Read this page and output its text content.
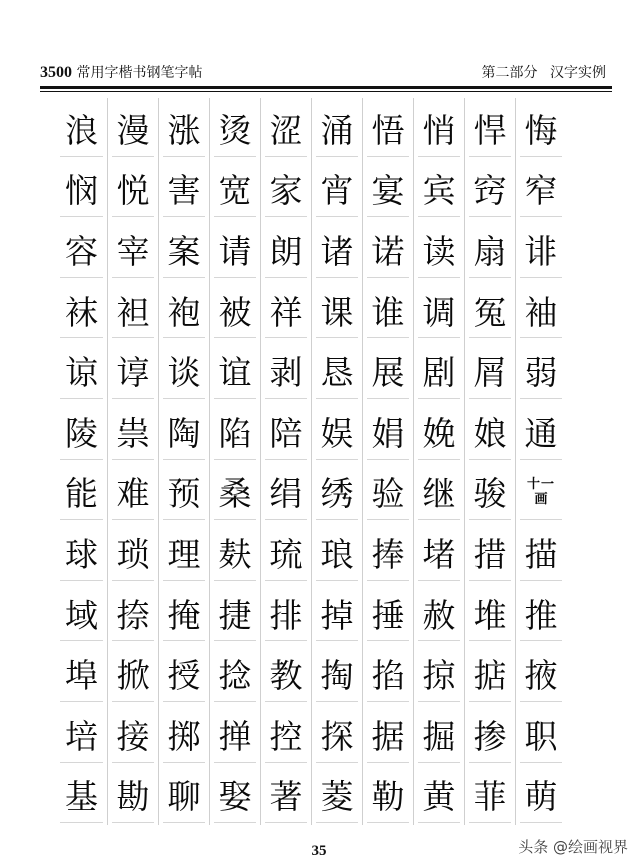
3500 常用字楷书钢笔字帖	第二部分 汉字实例
浪 漫 涨 烫 涩 涌 悟 悄 悍 悔
悯 悦 害 宽 家 宵 宴 宾 窍 窄
容 宰 案 请 朗 诸 诺 读 扇 诽
袜 袒 袍 被 祥 课 谁 调 冤 袖
谅 谆 谈 谊 剥 恳 展 剧 屑 弱
陵 祟 陶 陷 陪 娱 娟 娩 娘 通
能 难 预 桑 绢 绣 验 继 骏	十一
画
球 琐 理 麸 琉 琅 捧 堵 措 描
域 捺 掩 捷 排 掉 捶 赦 堆 推
埠 掀 授 捻 教 掏 掐 掠 掂 掖
培 接 掷 掸 控 探 据 掘 掺 职
基 勘 聊 娶 著 菱 勒 黄 菲 萌
35	头条 @绘画视界
